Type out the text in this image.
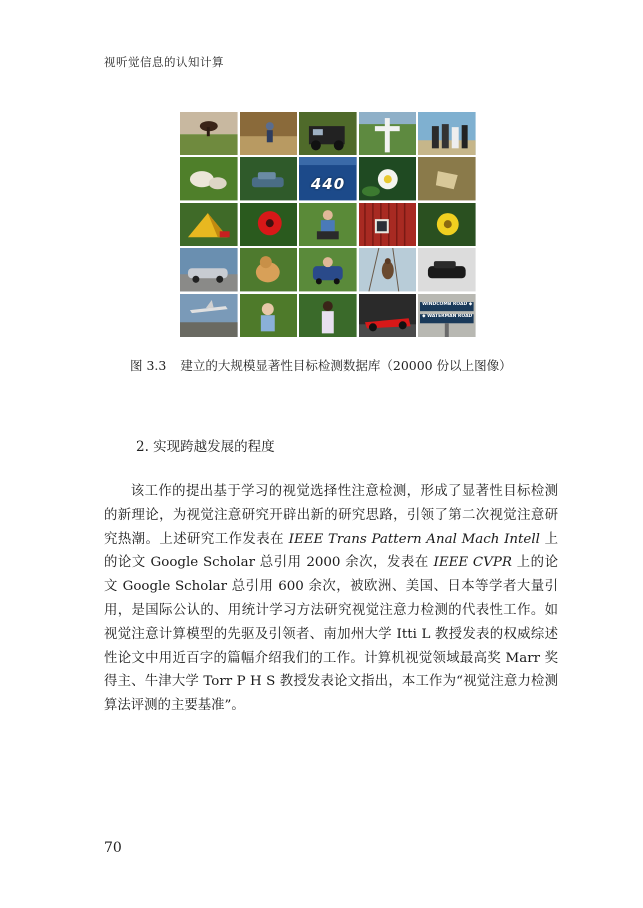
视听觉信息的认知计算
440
WINDCOMB ROAD ◆
◆ WATERMAN ROAD
图 3.3 建立的大规模显著性目标检测数据库（20000 份以上图像）
2. 实现跨越发展的程度

该工作的提出基于学习的视觉选择性注意检测，形成了显著性目标检测的新理论，为视觉注意研究开辟出新的研究思路，引领了第二次视觉注意研究热潮。上述研究工作发表在 IEEE Trans Pattern Anal Mach Intell 上的论文 Google Scholar 总引用 2000 余次，发表在 IEEE CVPR 上的论文 Google Scholar 总引用 600 余次，被欧洲、美国、日本等学者大量引用，是国际公认的、用统计学习方法研究视觉注意力检测的代表性工作。如视觉注意计算模型的先驱及引领者、南加州大学 Itti L 教授发表的权威综述性论文中用近百字的篇幅介绍我们的工作。计算机视觉领域最高奖 Marr 奖得主、牛津大学 Torr P H S 教授发表论文指出，本工作为“视觉注意力检测算法评测的主要基准”。

70
